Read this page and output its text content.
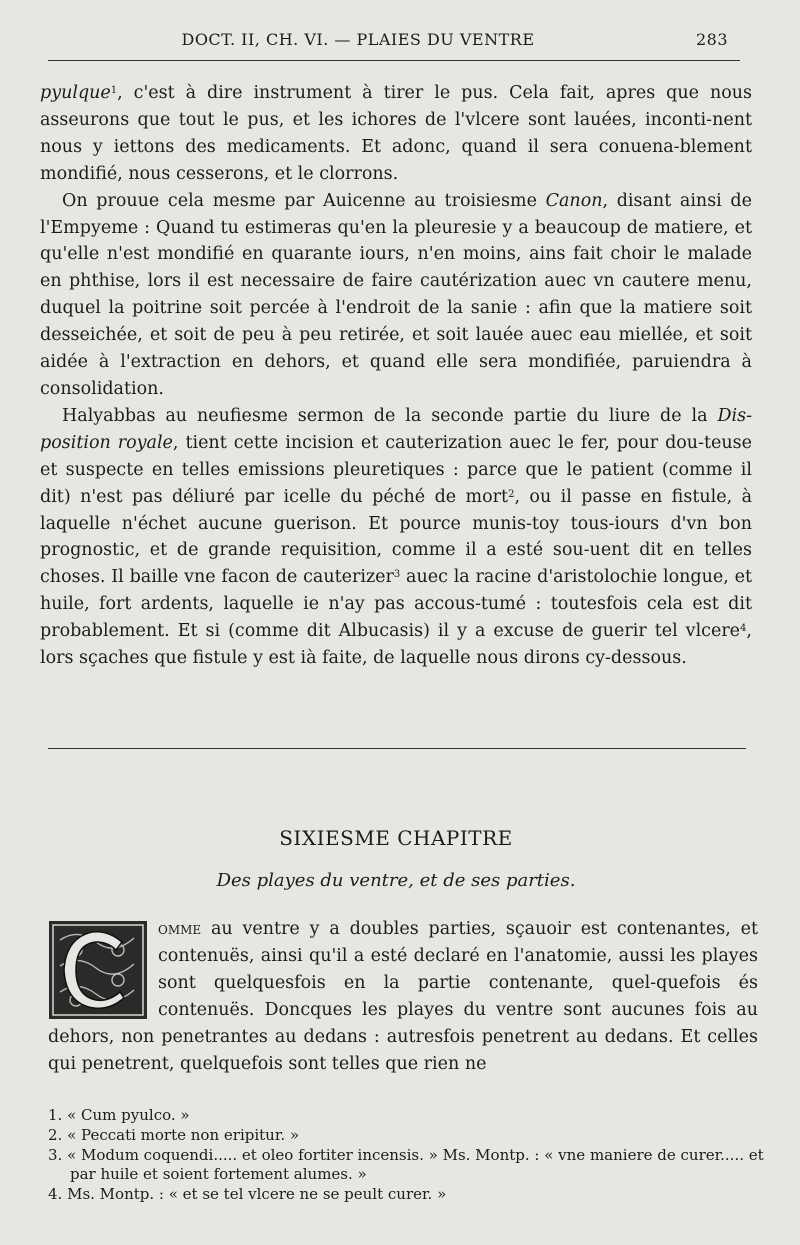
DOCT. II, CH. VI. — PLAIES DU VENTRE	283

pyulque$^1$, c'est à dire instrument à tirer le pus. Cela fait, apres que nous asseurons que tout le pus, et les ichores de l'vlcere sont lauées, inconti-nent nous y iettons des medicaments. Et adonc, quand il sera conuena-blement mondifié, nous cesserons, et le clorrons.

On prouue cela mesme par Auicenne au troisiesme Canon, disant ainsi de l'Empyeme : Quand tu estimeras qu'en la pleuresie y a beaucoup de matiere, et qu'elle n'est mondifié en quarante iours, n'en moins, ains fait choir le malade en phthise, lors il est necessaire de faire cautérization auec vn cautere menu, duquel la poitrine soit percée à l'endroit de la sanie : afin que la matiere soit desseichée, et soit de peu à peu retirée, et soit lauée auec eau miellée, et soit aidée à l'extraction en dehors, et quand elle sera mondifiée, paruiendra à consolidation.

Halyabbas au neufiesme sermon de la seconde partie du liure de la Dis-position royale, tient cette incision et cauterization auec le fer, pour dou-teuse et suspecte en telles emissions pleuretiques : parce que le patient (comme il dit) n'est pas déliuré par icelle du péché de mort$^2$, ou il passe en fistule, à laquelle n'échet aucune guerison. Et pource munis-toy tous-iours d'vn bon prognostic, et de grande requisition, comme il a esté sou-uent dit en telles choses. Il baille vne facon de cauterizer$^3$ auec la racine d'aristolochie longue, et huile, fort ardents, laquelle ie n'ay pas accous-tumé : toutesfois cela est dit probablement. Et si (comme dit Albucasis) il y a excuse de guerir tel vlcere$^4$, lors sçaches que fistule y est ià faite, de laquelle nous dirons cy-dessous.

SIXIESME CHAPITRE
Des playes du ventre, et de ses parties.

omme au ventre y a doubles parties, sçauoir est contenantes, et contenuës, ainsi qu'il a esté declaré en l'anatomie, aussi les playes sont quelquesfois en la partie contenante, quel-quefois és contenuës. Doncques les playes du ventre sont aucunes fois au dehors, non penetrantes au dedans : autresfois penetrent au dedans. Et celles qui penetrent, quelquefois sont telles que rien ne

1. « Cum pyulco. »
2. « Peccati morte non eripitur. »
3. « Modum coquendi..... et oleo fortiter incensis. » Ms. Montp. : « vne maniere de curer..... et par huile et soient fortement alumes. »
4. Ms. Montp. : « et se tel vlcere ne se peult curer. »
